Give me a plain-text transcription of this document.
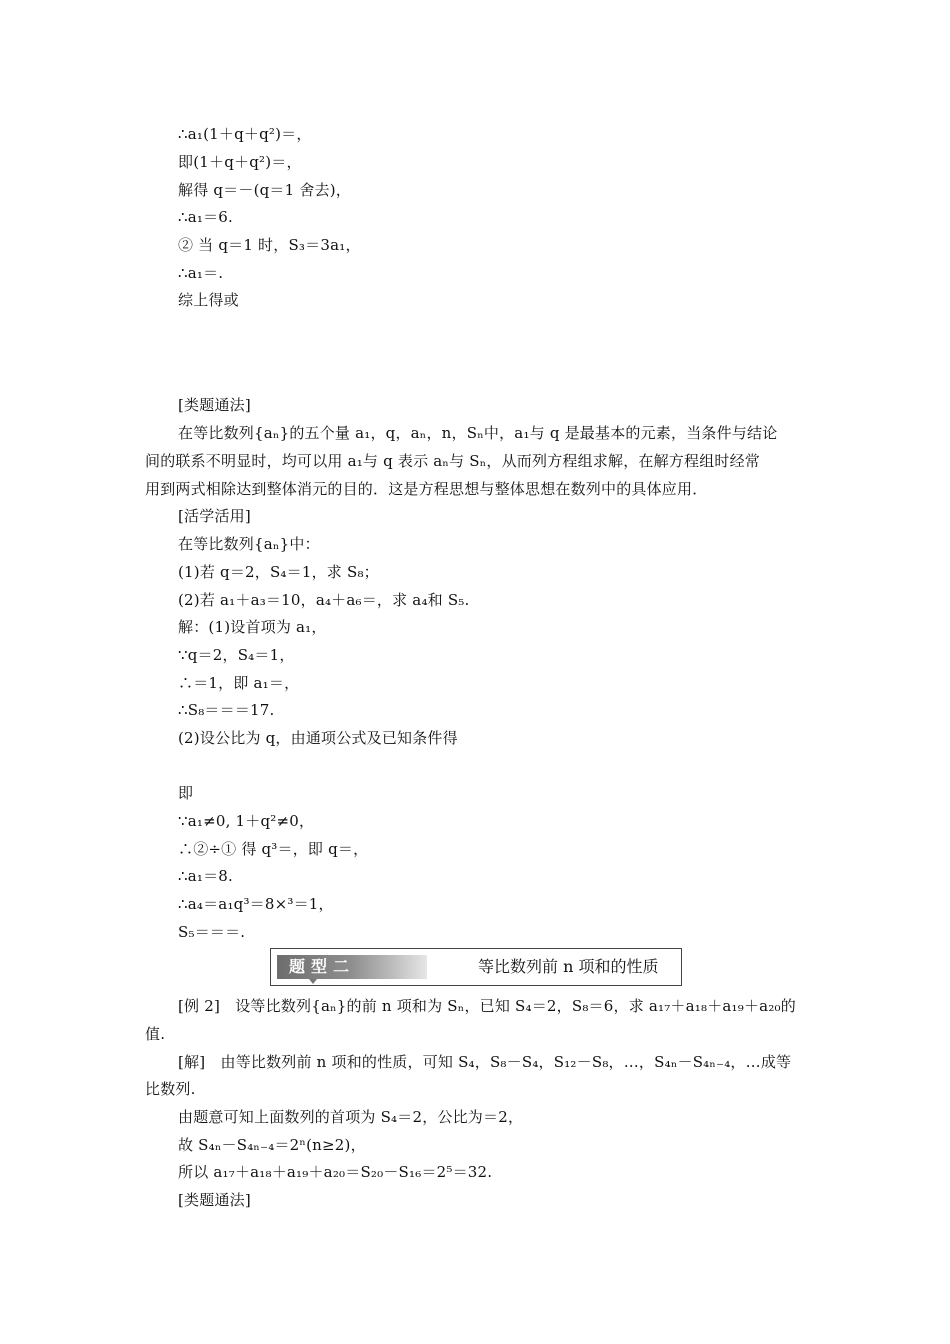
∴a₁(1＋q＋q²)＝，
即(1＋q＋q²)＝，
解得 q＝－(q＝1 舍去)，
∴a₁＝6.
② 当 q＝1 时，S₃＝3a₁，
∴a₁＝.
综上得或
[类题通法]
在等比数列{aₙ}的五个量 a₁，q，aₙ，n，Sₙ中，a₁与 q 是最基本的元素，当条件与结论
间的联系不明显时，均可以用 a₁与 q 表示 aₙ与 Sₙ，从而列方程组求解，在解方程组时经常
用到两式相除达到整体消元的目的．这是方程思想与整体思想在数列中的具体应用．
[活学活用]
在等比数列{aₙ}中：
(1)若 q＝2，S₄＝1，求 S₈；
(2)若 a₁＋a₃＝10，a₄＋a₆＝，求 a₄和 S₅.
解：(1)设首项为 a₁，
∵q＝2，S₄＝1，
∴＝1，即 a₁＝，
∴S₈＝＝＝17.
(2)设公比为 q，由通项公式及已知条件得
即
∵a₁≠0, 1＋q²≠0，
∴②÷① 得 q³＝，即 q＝，
∴a₁＝8.
∴a₄＝a₁q³＝8×³＝1，
S₅＝＝＝.
题型二	等比数列前 n 项和的性质
[例 2]　设等比数列{aₙ}的前 n 项和为 Sₙ，已知 S₄＝2，S₈＝6，求 a₁₇＋a₁₈＋a₁₉＋a₂₀的
值.
[解]　由等比数列前 n 项和的性质，可知 S₄，S₈－S₄，S₁₂－S₈，…，S₄ₙ－S₄ₙ₋₄，…成等
比数列.
由题意可知上面数列的首项为 S₄＝2，公比为＝2，
故 S₄ₙ－S₄ₙ₋₄＝2ⁿ(n≥2)，
所以 a₁₇＋a₁₈＋a₁₉＋a₂₀＝S₂₀－S₁₆＝2⁵＝32.
[类题通法]
